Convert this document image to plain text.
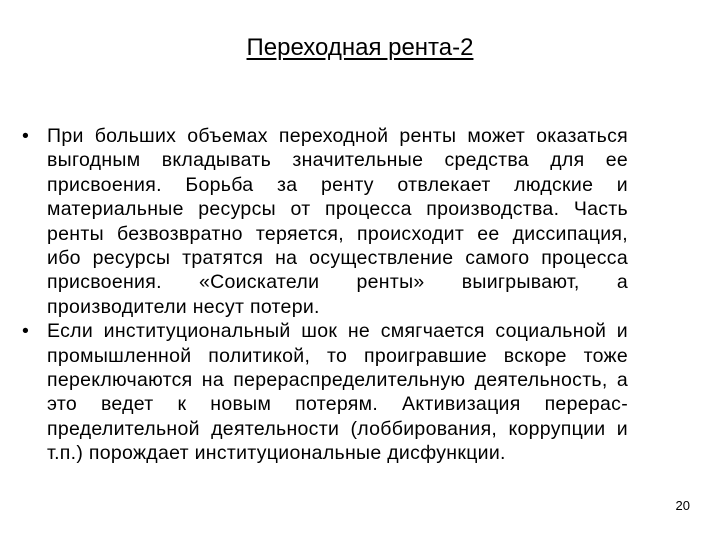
Переходная рента-2
• При больших объемах переходной ренты может оказаться выгодным вкладывать значительные средства для ее присвоения. Борьба за ренту отвлекает людские и материальные ресурсы от процесса производства. Часть ренты безвозвратно теряется, происходит ее диссипация, ибо ресурсы тратятся на осуществление самого процесса присвоения. «Соискатели ренты» выигрывают, а производители несут потери.
• Если институциональный шок не смягчается социальной и промышленной политикой, то проигравшие вскоре тоже переключаются на перераспределительную деятельность, а это ведет к новым потерям. Активизация перерас-пределительной деятельности (лоббирования, коррупции и т.п.) порождает институциональные дисфункции.
20
